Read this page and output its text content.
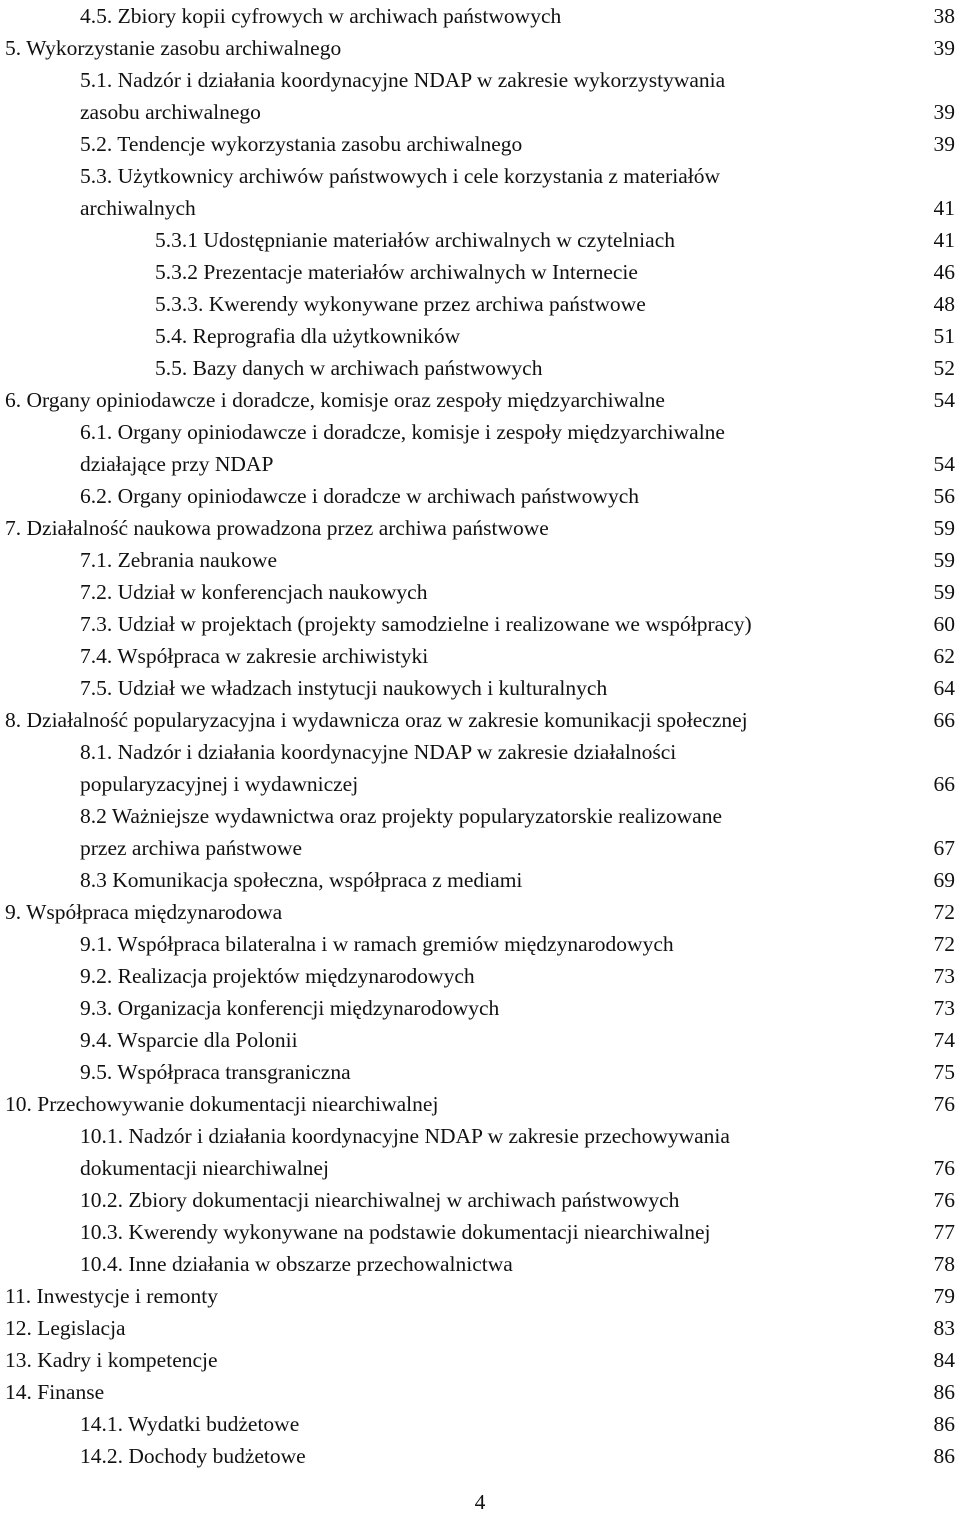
4.5. Zbiory kopii cyfrowych w archiwach państwowych	38
5. Wykorzystanie zasobu archiwalnego	39
5.1. Nadzór i działania koordynacyjne NDAP w zakresie wykorzystywania
zasobu archiwalnego	39
5.2. Tendencje wykorzystania zasobu archiwalnego	39
5.3. Użytkownicy archiwów państwowych i cele korzystania z materiałów
archiwalnych	41
5.3.1 Udostępnianie materiałów archiwalnych w czytelniach	41
5.3.2 Prezentacje materiałów archiwalnych w Internecie	46
5.3.3. Kwerendy wykonywane przez archiwa państwowe	48
5.4. Reprografia dla użytkowników	51
5.5. Bazy danych w archiwach państwowych	52
6. Organy opiniodawcze i doradcze, komisje oraz zespoły międzyarchiwalne	54
6.1. Organy opiniodawcze i doradcze, komisje i zespoły międzyarchiwalne
działające przy NDAP	54
6.2. Organy opiniodawcze i doradcze w archiwach państwowych	56
7. Działalność naukowa prowadzona przez archiwa państwowe	59
7.1. Zebrania naukowe	59
7.2. Udział w konferencjach naukowych	59
7.3. Udział w projektach (projekty samodzielne i realizowane we współpracy)	60
7.4. Współpraca w zakresie archiwistyki	62
7.5. Udział we władzach instytucji naukowych i kulturalnych	64
8. Działalność popularyzacyjna i wydawnicza oraz w zakresie komunikacji społecznej	66
8.1. Nadzór i działania koordynacyjne NDAP w zakresie działalności
popularyzacyjnej i wydawniczej	66
8.2 Ważniejsze wydawnictwa oraz projekty popularyzatorskie realizowane
przez archiwa państwowe	67
8.3 Komunikacja społeczna, współpraca z mediami	69
9. Współpraca międzynarodowa	72
9.1. Współpraca bilateralna i w ramach gremiów międzynarodowych	72
9.2. Realizacja projektów międzynarodowych	73
9.3. Organizacja konferencji międzynarodowych	73
9.4. Wsparcie dla Polonii	74
9.5. Współpraca transgraniczna	75
10. Przechowywanie dokumentacji niearchiwalnej	76
10.1. Nadzór i działania koordynacyjne NDAP w zakresie przechowywania
dokumentacji niearchiwalnej	76
10.2. Zbiory dokumentacji niearchiwalnej w archiwach państwowych	76
10.3. Kwerendy wykonywane na podstawie dokumentacji niearchiwalnej	77
10.4. Inne działania w obszarze przechowalnictwa	78
11. Inwestycje i remonty	79
12. Legislacja	83
13. Kadry i kompetencje	84
14. Finanse	86
14.1. Wydatki budżetowe	86
14.2. Dochody budżetowe	86
4
